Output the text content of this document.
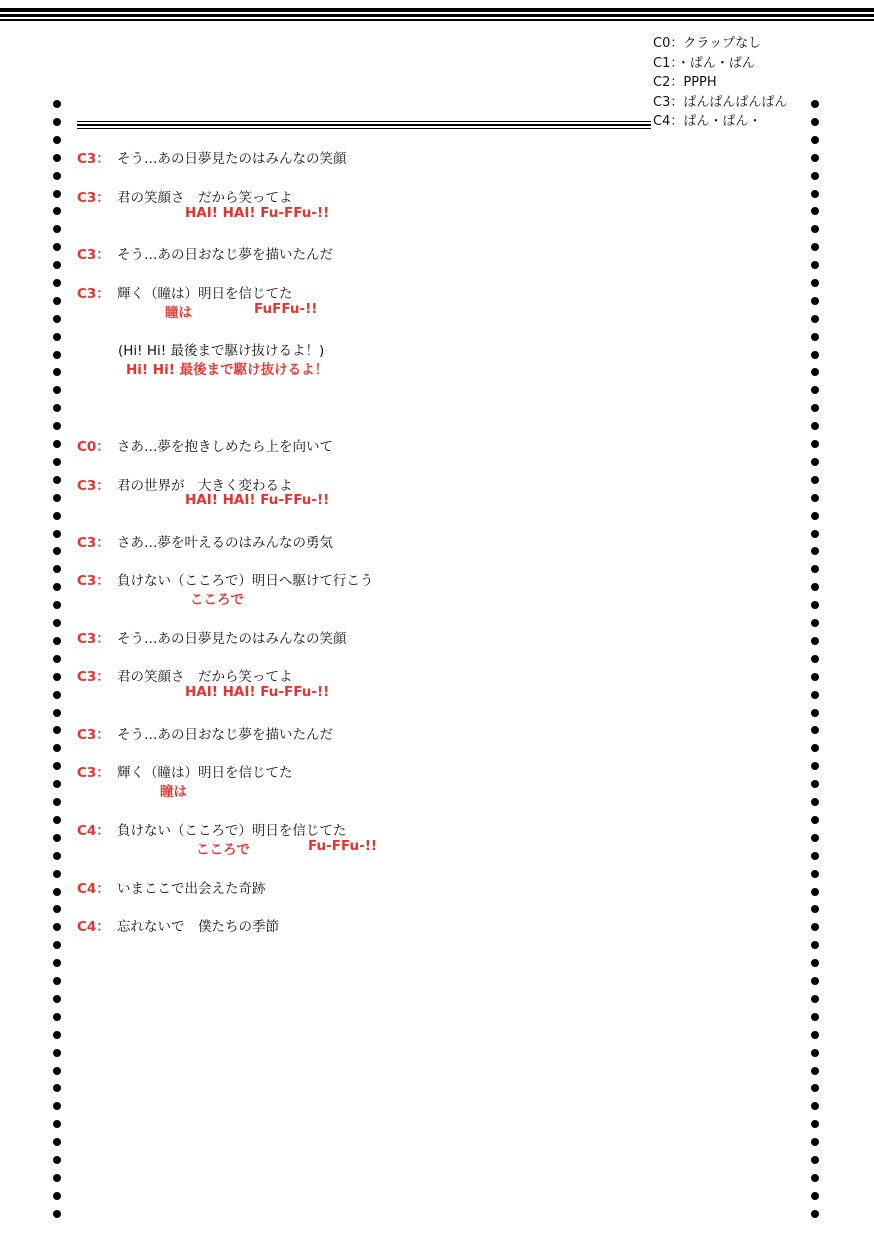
C0：クラップなし
C1：・ぱん・ぱん
C2：PPPH
C3：ぱんぱんぱんぱん
C4：ぱん・ぱん・
C3： そう…あの日夢見たのはみんなの笑顔
C3： 君の笑顔さ　だから笑ってよ
HAI! HAI! Fu-FFu-!!
C3： そう…あの日おなじ夢を描いたんだ
C3： 輝く（瞳は）明日を信じてた
瞳は	FuFFu-!!
(Hi! Hi! 最後まで駆け抜けるよ！)
Hi! Hi! 最後まで駆け抜けるよ！
C0： さあ…夢を抱きしめたら上を向いて
C3： 君の世界が　大きく変わるよ
HAI! HAI! Fu-FFu-!!
C3： さあ…夢を叶えるのはみんなの勇気
C3： 負けない（こころで）明日へ駆けて行こう
こころで
C3： そう…あの日夢見たのはみんなの笑顔
C3： 君の笑顔さ　だから笑ってよ
HAI! HAI! Fu-FFu-!!
C3： そう…あの日おなじ夢を描いたんだ
C3： 輝く（瞳は）明日を信じてた
瞳は
C4： 負けない（こころで）明日を信じてた
こころで	Fu-FFu-!!
C4： いまここで出会えた奇跡
C4： 忘れないで　僕たちの季節
